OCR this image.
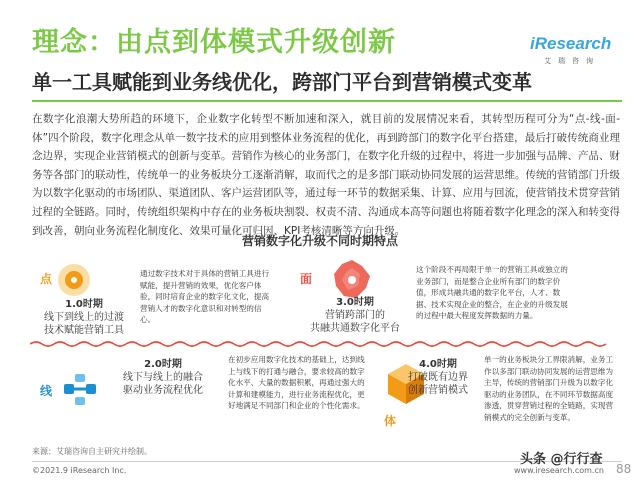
理念：由点到体模式升级创新
单一工具赋能到业务线优化，跨部门平台到营销模式变革
iResearch
艾瑞咨询
在数字化浪潮大势所趋的环境下，企业数字化转型不断加速和深入，就目前的发展情况来看，其转型历程可分为“点-线-面-体”四个阶段，数字化理念从单一数字技术的应用到整体业务流程的优化，再到跨部门的数字化平台搭建，最后打破传统商业理念边界，实现企业营销模式的创新与变革。营销作为核心的业务部门，在数字化升级的过程中，将进一步加强与品牌、产品、财务等各部门的联动性，传统单一的业务板块分工逐渐消解，取而代之的是多部门联动协同发展的运营思维。传统的营销部门升级为以数字化驱动的市场团队、渠道团队、客户运营团队等，通过每一环节的数据采集、计算、应用与回流，使营销技术贯穿营销过程的全链路。同时，传统组织架构中存在的业务板块割裂、权责不清、沟通成本高等问题也将随着数字化理念的深入和转变得到改善，朝向业务流程化制度化、效果可量化可归因、KPI考核清晰等方向升级。
营销数字化升级不同时期特点
点
1.0时期
线下到线上的过渡
技术赋能营销工具
通过数字技术对于具体的营销工具进行赋能，提升营销的效果，优化客户体验，同时培育企业的数字化文化，提高营销人才的数字化意识和对转型的信心。
面
3.0时期
营销跨部门的
共融共通数字化平台
这个阶段不再局限于单一的营销工具或独立的业务部门，而是整合企业所有部门的数字价值，形成共融共通的数字化平台，人才、数据、技术实现企业的整合，在企业的升级发展的过程中最大程度发挥数据的力量。
线
2.0时期
线下与线上的融合
驱动业务流程优化
在初步应用数字化技术的基础上，达到线上与线下的打通与融合，要求较高的数字化水平、大量的数据积累，再通过强大的计算和建模能力，进行业务流程优化，更好地满足不同部门和企业的个性化需求。
体
4.0时期
打破既有边界
创新营销模式
单一的业务板块分工界限消解，业务工作以多部门联动协同发展的运营思维为主导，传统的营销部门升级为以数字化驱动的业务团队，在不同环节数据高度渗透，贯穿营销过程的全链路，实现营销模式的完全创新与变革。
来源：艾瑞咨询自主研究并绘制。
©2021.9 iResearch Inc.	www.iresearch.com.cn
头条 @行行查
88
